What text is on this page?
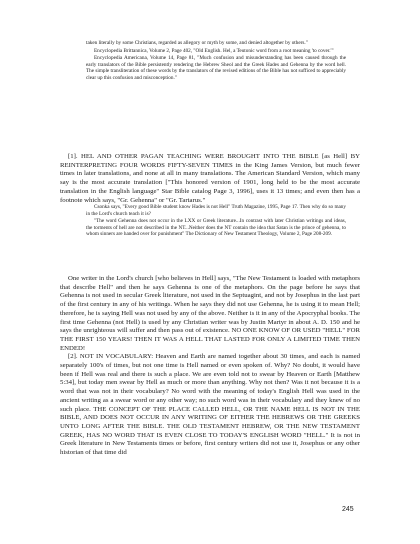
taken literally by some Christians, regarded as allegory or myth by some, and denied altogether by others."

Encyclopedia Brittannica, Volume 2, Page 402, "Old English. Hel, a Teutonic word from a root meaning 'to cover.'"

Encyclopedia Americana, Volume 14, Page 81, "Much confusion and misunderstanding has been caused through the early translators of the Bible persistently rendering the Hebrew Sheol and the Greek Hades and Gehenna by the word hell. The simple transliteration of these words by the translators of the revised editions of the Bible has not sufficed to appreciably clear up this confusion and misconception."

[1]. HEL AND OTHER PAGAN TEACHING WERE BROUGHT INTO THE BIBLE [as Hell] BY REINTERPRETING FOUR WORDS FIFTY-SEVEN TIMES in the King James Version, but much fewer times in later translations, and none at all in many translations. The American Standard Version, which many say is the most accurate translation ["This honored version of 1901, long held to be the most accurate translation in the English language" Star Bible catalog Page 3, 1996], uses it 13 times; and even then has a footnote which says, "Gr. Gehenna" or "Gr. Tartarus."

Csonka says, "Every good Bible student know Hades is not Hell" Truth Magazine, 1995, Page 17. Then why do so many in the Lord's church teach it is?

"The word Gehenna does not occur in the LXX or Greek literature...In contrast with later Christian writings and ideas, the torments of hell are not described in the NT...Neither does the NT contain the idea that Satan is the prince of gehenna, to whom sinners are handed over for punishment" The Dictionary of New Testament Theology, Volume 2, Page 208-209.

One writer in the Lord's church [who believes in Hell] says, "The New Testament is loaded with metaphors that describe Hell" and then he says Gehenna is one of the metaphors. On the page before he says that Gehenna is not used in secular Greek literature, not used in the Septuagint, and not by Josephus in the last part of the first century in any of his writings. When he says they did not use Gehenna, he is using it to mean Hell; therefore, he is saying Hell was not used by any of the above. Neither is it in any of the Apocryphal books. The first time Gehenna (not Hell) is used by any Christian writer was by Justin Martyr in about A. D. 150 and he says the unrighteous will suffer and then pass out of existence. NO ONE KNOW OF OR USED "HELL" FOR THE FIRST 150 YEARS! THEN IT WAS A HELL THAT LASTED FOR ONLY A LIMITED TIME THEN ENDED!

[2]. NOT IN VOCABULARY: Heaven and Earth are named together about 30 times, and each is named separately 100's of times, but not one time is Hell named or even spoken of. Why? No doubt, it would have been if Hell was real and there is such a place. We are even told not to swear by Heaven or Earth [Matthew 5:34], but today men swear by Hell as much or more than anything. Why not then? Was it not because it is a word that was not in their vocabulary? No word with the meaning of today's English Hell was used in the ancient writing as a swear word or any other way; no such word was in their vocabulary and they knew of no such place. THE CONCEPT OF THE PLACE CALLED HELL, OR THE NAME HELL IS NOT IN THE BIBLE, AND DOES NOT OCCUR IN ANY WRITING OF EITHER THE HEBREWS OR THE GREEKS UNTO LONG AFTER THE BIBLE. THE OLD TESTAMENT HEBREW, OR THE NEW TESTAMENT GREEK, HAS NO WORD THAT IS EVEN CLOSE TO TODAY'S ENGLISH WORD "HELL." It is not in Greek literature in New Testaments times or before, first century writers did not use it, Josephus or any other historian of that time did

245
